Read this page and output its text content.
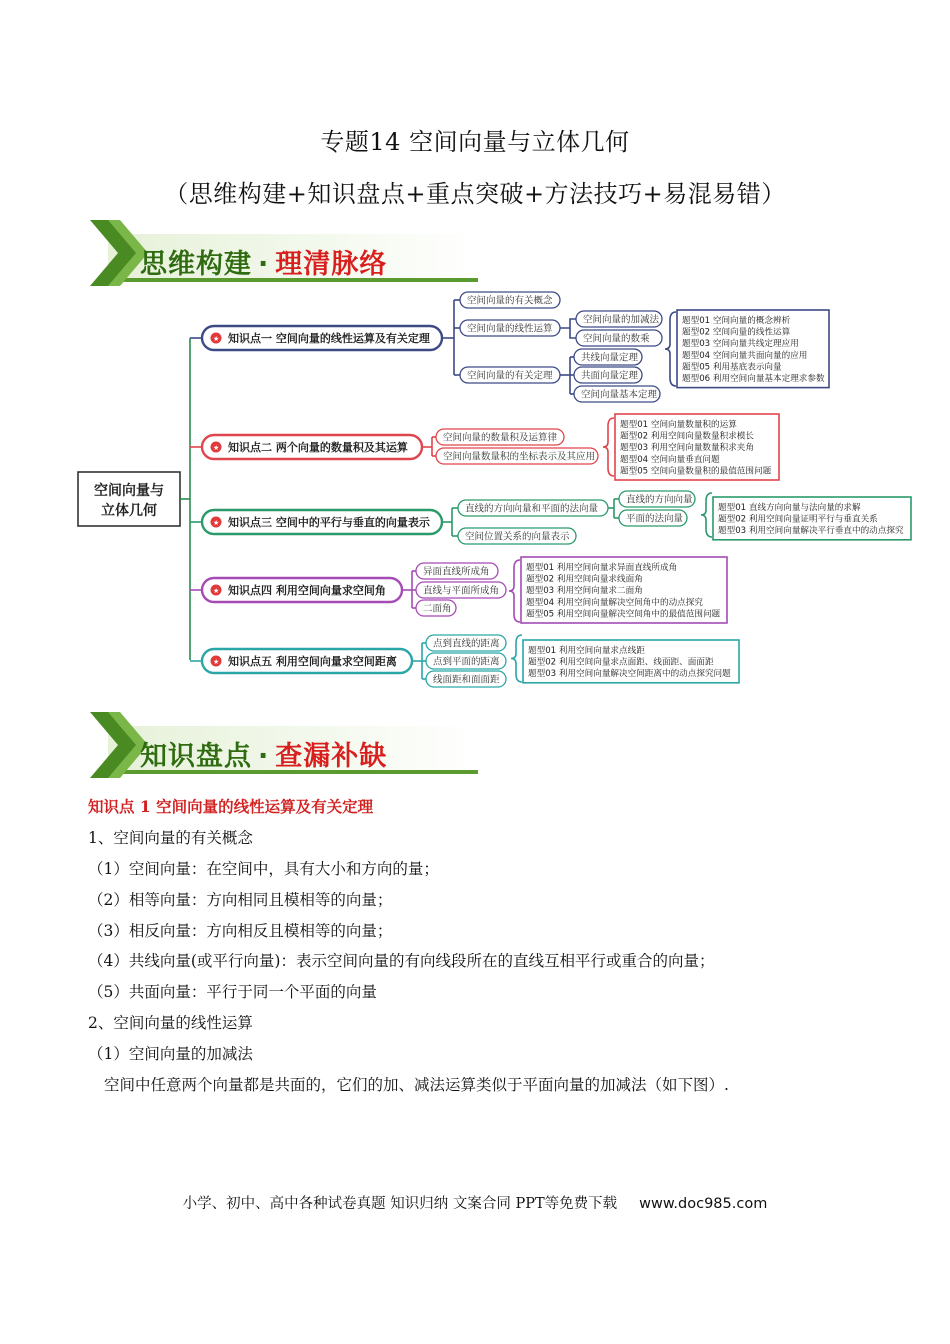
专题14 空间向量与立体几何
（思维构建+知识盘点+重点突破+方法技巧+易混易错）
思维构建 · 理清脉络
空间向量与
立体几何
★ 知识点一 空间向量的线性运算及有关定理
空间向量的有关概念
空间向量的线性运算
空间向量的有关定理
空间向量的加减法
空间向量的数乘
共线向量定理
共面向量定理
空间向量基本定理
题型01 空间向量的概念辨析
题型02 空间向量的线性运算
题型03 空间向量共线定理应用
题型04 空间向量共面向量的应用
题型05 利用基底表示向量
题型06 利用空间向量基本定理求参数
★ 知识点二 两个向量的数量积及其运算
空间向量的数量积及运算律
空间向量数量积的坐标表示及其应用
题型01 空间向量数量积的运算
题型02 利用空间向量数量积求模长
题型03 利用空间向量数量积求夹角
题型04 空间向量垂直问题
题型05 空间向量数量积的最值范围问题
★ 知识点三 空间中的平行与垂直的向量表示
直线的方向向量和平面的法向量
空间位置关系的向量表示
直线的方向向量
平面的法向量
题型01 直线方向向量与法向量的求解
题型02 利用空间向量证明平行与垂直关系
题型03 利用空间向量解决平行垂直中的动点探究
★ 知识点四 利用空间向量求空间角
异面直线所成角
直线与平面所成角
二面角
题型01 利用空间向量求异面直线所成角
题型02 利用空间向量求线面角
题型03 利用空间向量求二面角
题型04 利用空间向量解决空间角中的动点探究
题型05 利用空间向量解决空间角中的最值范围问题
★ 知识点五 利用空间向量求空间距离
点到直线的距离
点到平面的距离
线面距和面面距
题型01 利用空间向量求点线距
题型02 利用空间向量求点面距、线面距、面面距
题型03 利用空间向量解决空间距离中的动点探究问题
知识盘点 · 查漏补缺
知识点 1 空间向量的线性运算及有关定理
1、空间向量的有关概念
（1）空间向量：在空间中，具有大小和方向的量；
（2）相等向量：方向相同且模相等的向量；
（3）相反向量：方向相反且模相等的向量；
（4）共线向量(或平行向量)：表示空间向量的有向线段所在的直线互相平行或重合的向量；
（5）共面向量：平行于同一个平面的向量
2、空间向量的线性运算
（1）空间向量的加减法
空间中任意两个向量都是共面的，它们的加、减法运算类似于平面向量的加减法（如下图）.
小学、初中、高中各种试卷真题 知识归纳 文案合同 PPT等免费下载 www.doc985.com
